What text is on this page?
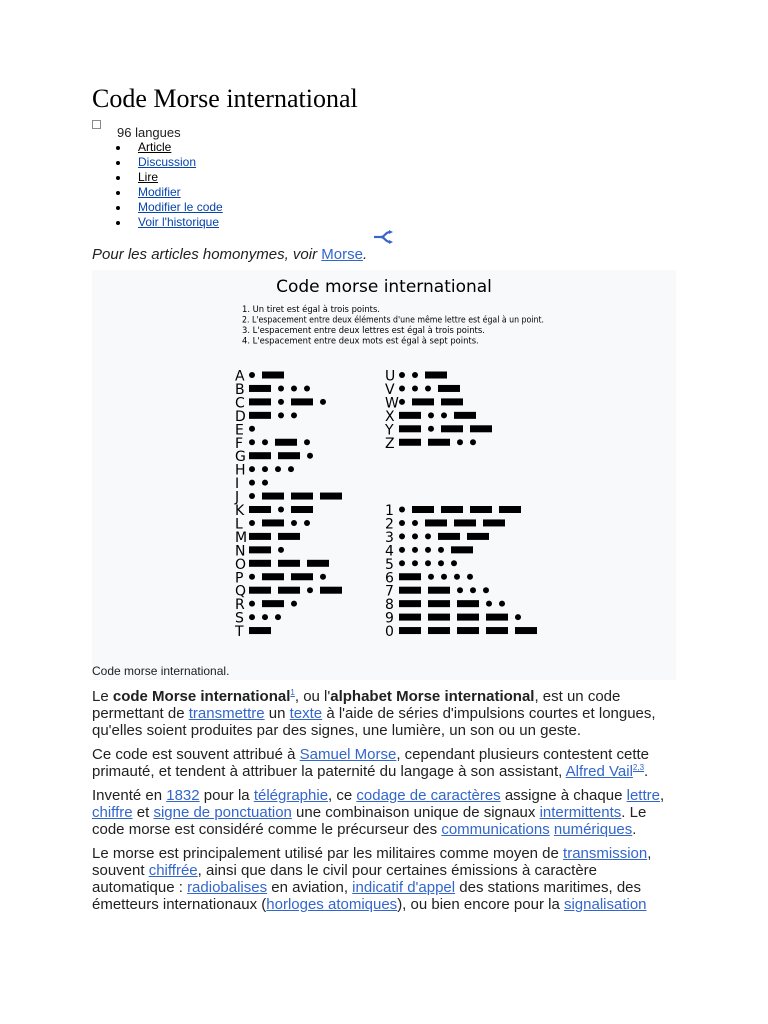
Code Morse international
96 langues
Article
Discussion
Lire
Modifier
Modifier le code
Voir l'historique
Pour les articles homonymes, voir Morse.
Code morse international
1. Un tiret est égal à trois points.
2. L'espacement entre deux éléments d'une même lettre est égal à un point.
3. L'espacement entre deux lettres est égal à trois points.
4. L'espacement entre deux mots est égal à sept points.
A
B
C
D
E
F
G
H
I
J
K
L
M
N
O
P
Q
R
S
T
U
V
W
X
Y
Z
1
2
3
4
5
6
7
8
9
0
Code morse international.

Le code Morse international$^1$, ou l'alphabet Morse international, est un code permettant de transmettre un texte à l'aide de séries d'impulsions courtes et longues, qu'elles soient produites par des signes, une lumière, un son ou un geste.

Ce code est souvent attribué à Samuel Morse, cependant plusieurs contestent cette primauté, et tendent à attribuer la paternité du langage à son assistant, Alfred Vail$^{2,3}$.

Inventé en 1832 pour la télégraphie, ce codage de caractères assigne à chaque lettre, chiffre et signe de ponctuation une combinaison unique de signaux intermittents. Le code morse est considéré comme le précurseur des communications numériques.

Le morse est principalement utilisé par les militaires comme moyen de transmission, souvent chiffrée, ainsi que dans le civil pour certaines émissions à caractère automatique : radiobalises en aviation, indicatif d'appel des stations maritimes, des émetteurs internationaux (horloges atomiques), ou bien encore pour la signalisation
